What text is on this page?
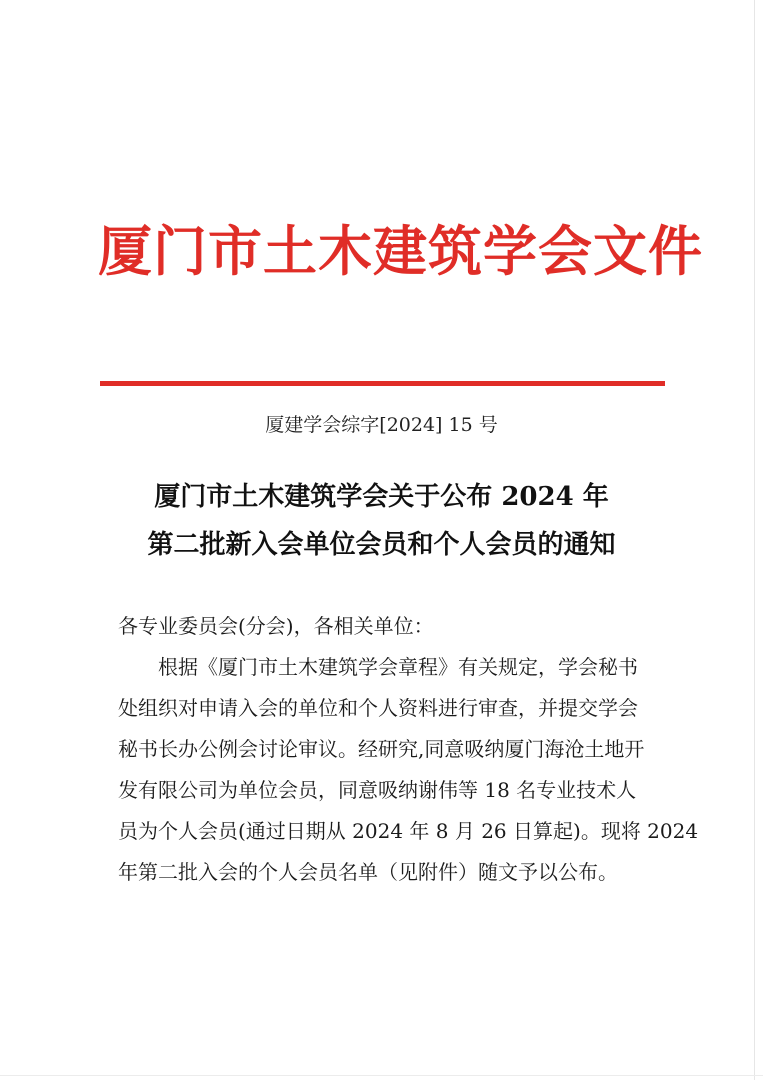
厦门市土木建筑学会文件
厦建学会综字[2024] 15 号
厦门市土木建筑学会关于公布 2024 年
第二批新入会单位会员和个人会员的通知
各专业委员会(分会)，各相关单位：
根据《厦门市土木建筑学会章程》有关规定，学会秘书
处组织对申请入会的单位和个人资料进行审查，并提交学会
秘书长办公例会讨论审议。经研究,同意吸纳厦门海沧土地开
发有限公司为单位会员，同意吸纳谢伟等 18 名专业技术人
员为个人会员(通过日期从 2024 年 8 月 26 日算起)。现将 2024
年第二批入会的个人会员名单（见附件）随文予以公布。
